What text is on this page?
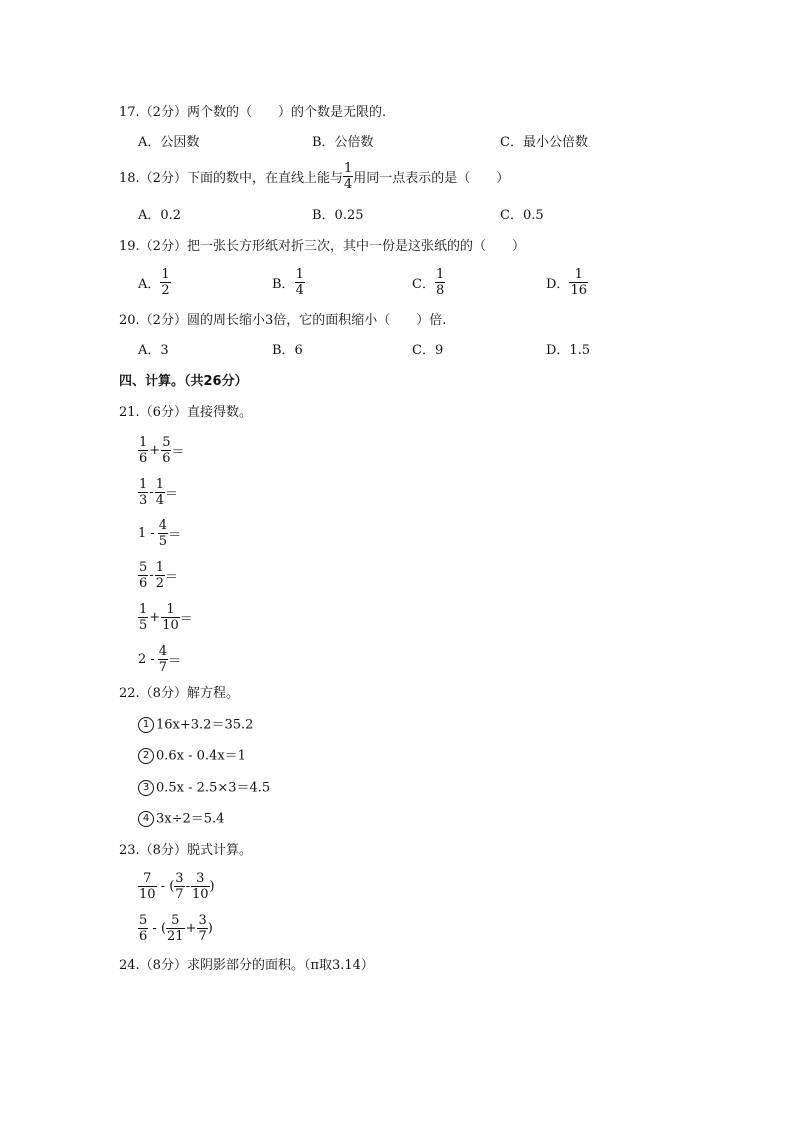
17.（2分）两个数的（　　）的个数是无限的.
A．公因数	B．公倍数	C．最小公倍数
18.（2分）下面的数中，在直线上能与 $\frac{1}{4}$ 用同一点表示的是（　　）
A．0.2	B．0.25	C．0.5
19.（2分）把一张长方形纸对折三次，其中一份是这张纸的的（　　）
A． $\frac{1}{2}$	B． $\frac{1}{4}$	C． $\frac{1}{8}$	D． $\frac{1}{16}$
20.（2分）圆的周长缩小3倍，它的面积缩小（　　）倍.
A．3	B．6	C．9	D．1.5
四、计算。（共26分）
21.（6分）直接得数。
$\frac{1}{6} + \frac{5}{6}$ ＝
$\frac{1}{3} - \frac{1}{4}$ ＝
$1 - \frac{4}{5}$ ＝
$\frac{5}{6} - \frac{1}{2}$ ＝
$\frac{1}{5} + \frac{1}{10}$ ＝
$2 - \frac{4}{7}$ ＝
22.（8分）解方程。
1 16x+3.2＝35.2
2 0.6x - 0.4x＝1
3 0.5x - 2.5×3＝4.5
4 3x÷2＝5.4
23.（8分）脱式计算。
$\frac{7}{10}$ - ( $\frac{3}{7} - \frac{3}{10}$ )
$\frac{5}{6}$ - ( $\frac{5}{21} + \frac{3}{7}$ )
24.（8分）求阴影部分的面积。（π取3.14）
